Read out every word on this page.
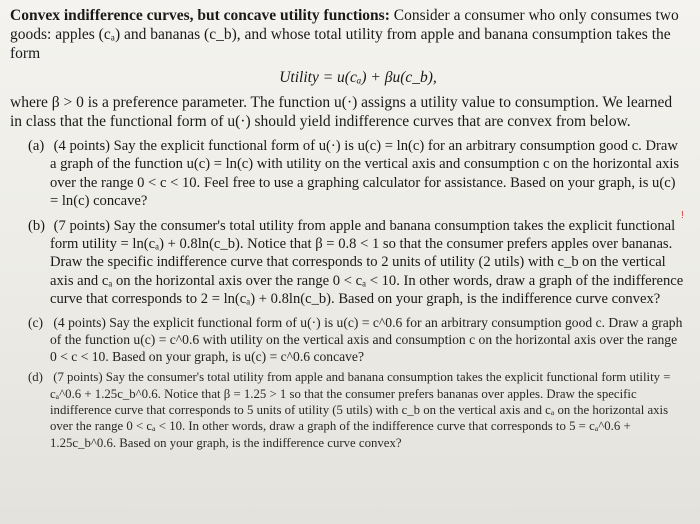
Convex indifference curves, but concave utility functions: Consider a consumer who only consumes two goods: apples (cₐ) and bananas (c_b), and whose total utility from apple and banana consumption takes the form

Utility = u(cₐ) + βu(c_b),

where β > 0 is a preference parameter. The function u(·) assigns a utility value to consumption. We learned in class that the functional form of u(·) should yield indifference curves that are convex from below.

(a) (4 points) Say the explicit functional form of u(·) is u(c) = ln(c) for an arbitrary consumption good c. Draw a graph of the function u(c) = ln(c) with utility on the vertical axis and consumption c on the horizontal axis over the range 0 < c < 10. Feel free to use a graphing calculator for assistance. Based on your graph, is u(c) = ln(c) concave?

(b) (7 points) Say the consumer's total utility from apple and banana consumption takes the explicit functional form utility = ln(cₐ) + 0.8ln(c_b). Notice that β = 0.8 < 1 so that the consumer prefers apples over bananas. Draw the specific indifference curve that corresponds to 2 units of utility (2 utils) with c_b on the vertical axis and cₐ on the horizontal axis over the range 0 < cₐ < 10. In other words, draw a graph of the indifference curve that corresponds to 2 = ln(cₐ) + 0.8ln(c_b). Based on your graph, is the indifference curve convex?

(c) (4 points) Say the explicit functional form of u(·) is u(c) = c^0.6 for an arbitrary consumption good c. Draw a graph of the function u(c) = c^0.6 with utility on the vertical axis and consumption c on the horizontal axis over the range 0 < c < 10. Based on your graph, is u(c) = c^0.6 concave?

(d) (7 points) Say the consumer's total utility from apple and banana consumption takes the explicit functional form utility = cₐ^0.6 + 1.25c_b^0.6. Notice that β = 1.25 > 1 so that the consumer prefers bananas over apples. Draw the specific indifference curve that corresponds to 5 units of utility (5 utils) with c_b on the vertical axis and cₐ on the horizontal axis over the range 0 < cₐ < 10. In other words, draw a graph of the indifference curve that corresponds to 5 = cₐ^0.6 + 1.25c_b^0.6. Based on your graph, is the indifference curve convex?

!
